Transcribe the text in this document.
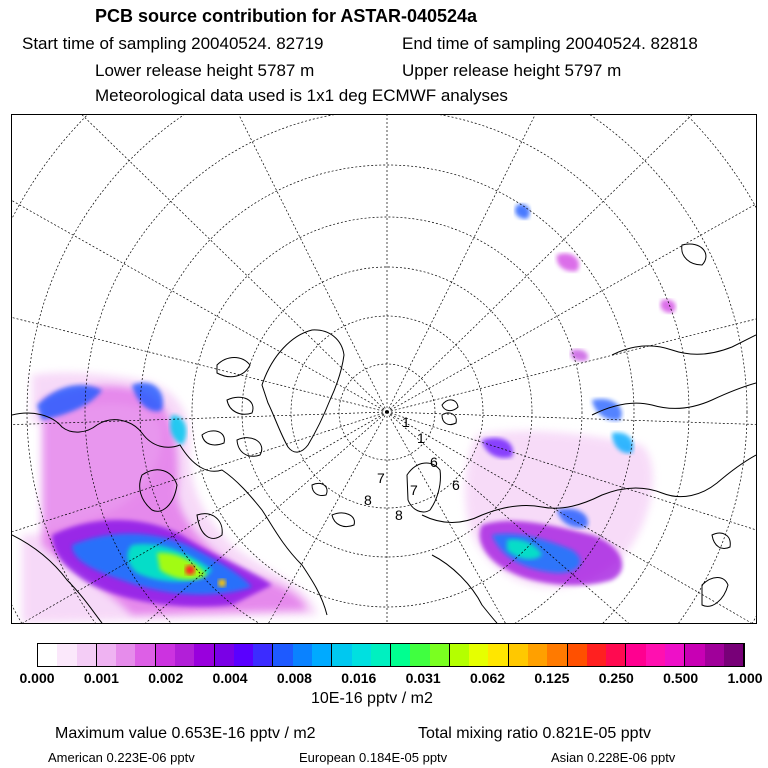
PCB source contribution for ASTAR-040524a
Start time of sampling 20040524. 82719	End time of sampling 20040524. 82818
Lower release height 5787 m	Upper release height 5797 m
Meteorological data used is 1x1 deg ECMWF analyses
1
1
6
6
8
7
7
8
0.000 0.001 0.002 0.004 0.008 0.016 0.031 0.062 0.125 0.250 0.500 1.000
10E-16 pptv / m2
Maximum value 0.653E-16 pptv / m2	Total mixing ratio 0.821E-05 pptv
American 0.223E-06 pptv	European 0.184E-05 pptv	Asian 0.228E-06 pptv
